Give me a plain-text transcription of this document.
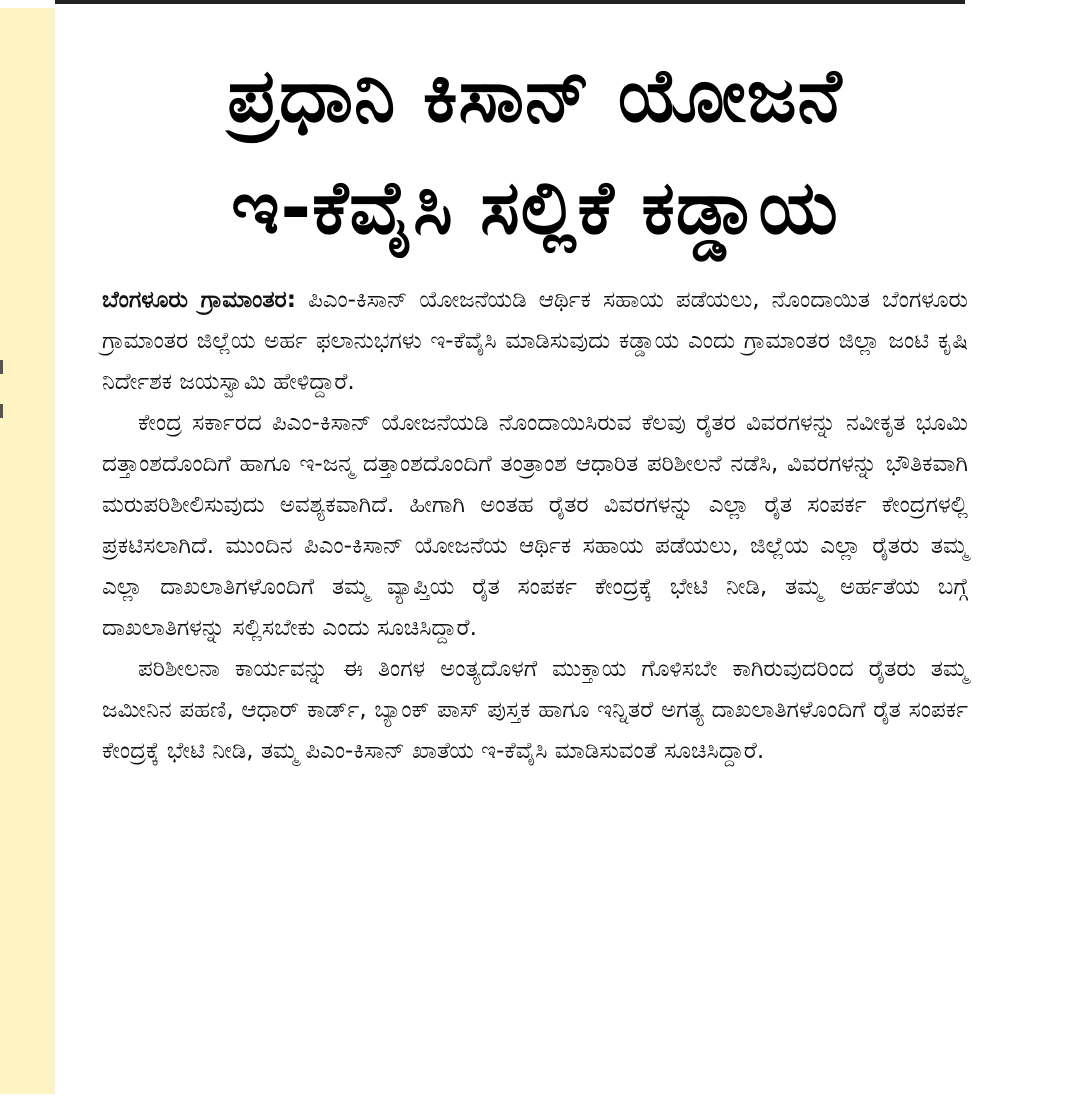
ಪ್ರಧಾನಿ ಕಿಸಾನ್ ಯೋಜನೆ
ಇ-ಕೆವೈಸಿ ಸಲ್ಲಿಕೆ ಕಡ್ಡಾಯ

ಬೆಂಗಳೂರು ಗ್ರಾಮಾಂತರ: ಪಿಎಂ-ಕಿಸಾನ್ ಯೋಜನೆಯಡಿ ಆರ್ಥಿಕ ಸಹಾಯ ಪಡೆಯಲು, ನೊಂದಾಯಿತ ಬೆಂಗಳೂರು ಗ್ರಾಮಾಂತರ ಜಿಲ್ಲೆಯ ಅರ್ಹ ಫಲಾನುಭಗಳು ಇ-ಕೆವೈಸಿ ಮಾಡಿಸುವುದು ಕಡ್ಡಾಯ ಎಂದು ಗ್ರಾಮಾಂತರ ಜಿಲ್ಲಾ ಜಂಟಿ ಕೃಷಿ ನಿರ್ದೇಶಕ ಜಯಸ್ವಾಮಿ ಹೇಳಿದ್ದಾರೆ.

ಕೇಂದ್ರ ಸರ್ಕಾರದ ಪಿಎಂ-ಕಿಸಾನ್ ಯೋಜನೆಯಡಿ ನೊಂದಾಯಿಸಿರುವ ಕೆಲವು ರೈತರ ವಿವರಗಳನ್ನು ನವೀಕೃತ ಭೂಮಿ ದತ್ತಾಂಶದೊಂದಿಗೆ ಹಾಗೂ ಇ-ಜನ್ಮ ದತ್ತಾಂಶದೊಂದಿಗೆ ತಂತ್ರಾಂಶ ಆಧಾರಿತ ಪರಿಶೀಲನೆ ನಡೆಸಿ, ವಿವರಗಳನ್ನು ಭೌತಿಕವಾಗಿ ಮರುಪರಿಶೀಲಿಸುವುದು ಅವಶ್ಯಕವಾಗಿದೆ. ಹೀಗಾಗಿ ಅಂತಹ ರೈತರ ವಿವರಗಳನ್ನು ಎಲ್ಲಾ ರೈತ ಸಂಪರ್ಕ ಕೇಂದ್ರಗಳಲ್ಲಿ ಪ್ರಕಟಿಸಲಾಗಿದೆ. ಮುಂದಿನ ಪಿಎಂ-ಕಿಸಾನ್ ಯೋಜನೆಯ ಆರ್ಥಿಕ ಸಹಾಯ ಪಡೆಯಲು, ಜಿಲ್ಲೆಯ ಎಲ್ಲಾ ರೈತರು ತಮ್ಮ ಎಲ್ಲಾ ದಾಖಲಾತಿಗಳೊಂದಿಗೆ ತಮ್ಮ ವ್ಯಾಪ್ತಿಯ ರೈತ ಸಂಪರ್ಕ ಕೇಂದ್ರಕ್ಕೆ ಭೇಟಿ ನೀಡಿ, ತಮ್ಮ ಅರ್ಹತೆಯ ಬಗ್ಗೆ ದಾಖಲಾತಿಗಳನ್ನು ಸಲ್ಲಿಸಬೇಕು ಎಂದು ಸೂಚಿಸಿದ್ದಾರೆ.

ಪರಿಶೀಲನಾ ಕಾರ್ಯವನ್ನು ಈ ತಿಂಗಳ ಅಂತ್ಯದೊಳಗೆ ಮುಕ್ತಾಯ ಗೊಳಿಸಬೇ ಕಾಗಿರುವುದರಿಂದ ರೈತರು ತಮ್ಮ ಜಮೀನಿನ ಪಹಣಿ, ಆಧಾರ್ ಕಾರ್ಡ್, ಬ್ಯಾಂಕ್ ಪಾಸ್ ಪುಸ್ತಕ ಹಾಗೂ ಇನ್ನಿತರೆ ಅಗತ್ಯ ದಾಖಲಾತಿಗಳೊಂದಿಗೆ ರೈತ ಸಂಪರ್ಕ ಕೇಂದ್ರಕ್ಕೆ ಭೇಟಿ ನೀಡಿ, ತಮ್ಮ ಪಿಎಂ-ಕಿಸಾನ್ ಖಾತೆಯ ಇ-ಕೆವೈಸಿ ಮಾಡಿಸುವಂತೆ ಸೂಚಿಸಿದ್ದಾರೆ.
